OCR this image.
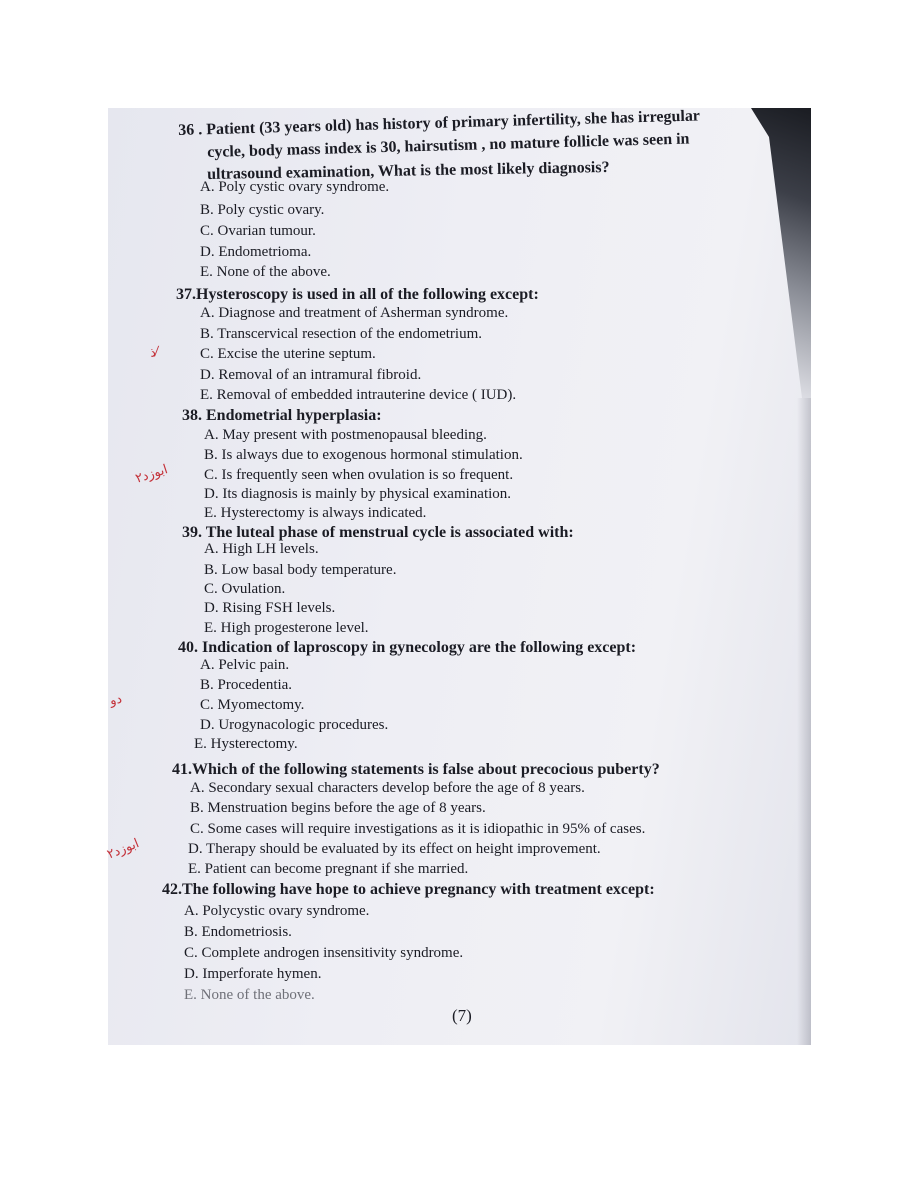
36 . Patient (33 years old) has history of primary infertility, she has irregular
cycle, body mass index is 30, hairsutism , no mature follicle was seen in
ultrasound examination, What is the most likely diagnosis?
A. Poly cystic ovary syndrome.
B. Poly cystic ovary.
C. Ovarian tumour.
D. Endometrioma.
E. None of the above.
37.Hysteroscopy is used in all of the following except:
A. Diagnose and treatment of Asherman syndrome.
B. Transcervical resection of the endometrium.
C. Excise the uterine septum.
D. Removal of an intramural fibroid.
E. Removal of embedded intrauterine device ( IUD).
ذ⁄
38. Endometrial hyperplasia:
A. May present with postmenopausal bleeding.
B. Is always due to exogenous hormonal stimulation.
C. Is frequently seen when ovulation is so frequent.
D. Its diagnosis is mainly by physical examination.
E. Hysterectomy is always indicated.
ابوزد٢
39. The luteal phase of menstrual cycle is associated with:
A. High LH levels.
B. Low basal body temperature.
C. Ovulation.
D. Rising FSH levels.
E. High progesterone level.
40. Indication of laproscopy in gynecology are the following except:
A. Pelvic pain.
B. Procedentia.
C. Myomectomy.
D. Urogynacologic procedures.
E. Hysterectomy.
دو
41.Which of the following statements is false about precocious puberty?
A. Secondary sexual characters develop before the age of 8 years.
B. Menstruation begins before the age of 8 years.
C. Some cases will require investigations as it is idiopathic in 95% of cases.
D. Therapy should be evaluated by its effect on height improvement.
E. Patient can become pregnant if she married.
ابوزد٢
42.The following have hope to achieve pregnancy with treatment except:
A. Polycystic ovary syndrome.
B. Endometriosis.
C. Complete androgen insensitivity syndrome.
D. Imperforate hymen.
E. None of the above.
(7)
